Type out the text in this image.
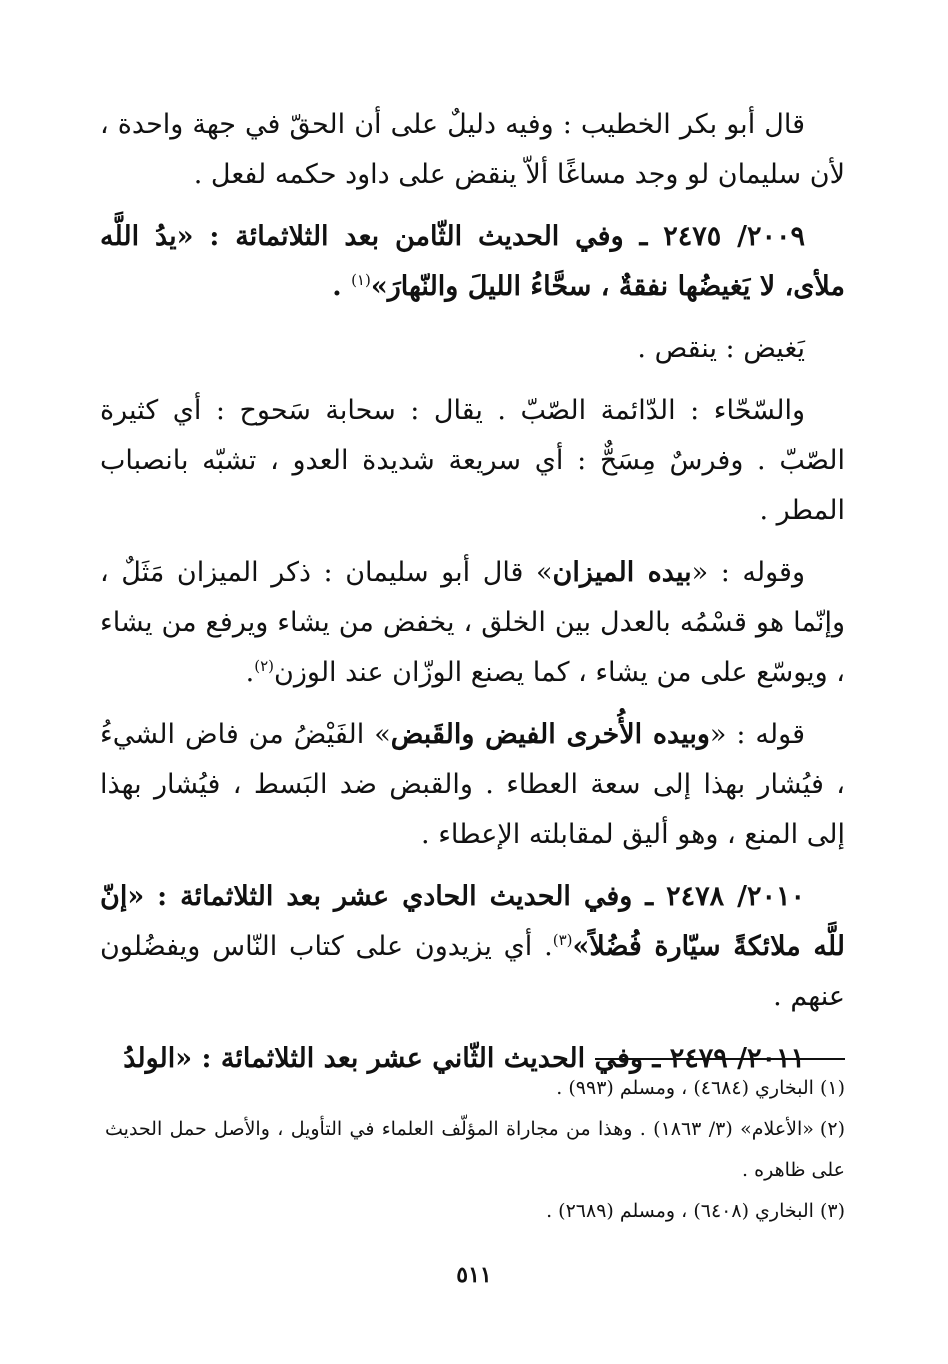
قال أبو بكر الخطيب : وفيه دليلٌ على أن الحقّ في جهة واحدة ، لأن سليمان لو وجد مساغًا ألاّ ينقض على داود حكمه لفعل .

٢٠٠٩/ ٢٤٧٥ ـ وفي الحديث الثّامن بعد الثلاثمائة : «يدُ اللَّه ملأى، لا يَغيضُها نفقةٌ ، سحَّاءُ الليلَ والنّهارَ»$^{(١)}$ .

يَغيض : ينقص .

والسّحّاء : الدّائمة الصّبّ . يقال : سحابة سَحوح : أي كثيرة الصّبّ . وفرسٌ مِسَحٌّ : أي سريعة شديدة العدو ، تشبّه بانصباب المطر .

وقوله : «بيده الميزان» قال أبو سليمان : ذكر الميزان مَثَلٌ ، وإنّما هو قسْمُه بالعدل بين الخلق ، يخفض من يشاء ويرفع من يشاء ، ويوسّع على من يشاء ، كما يصنع الوزّان عند الوزن$^{(٢)}$.

قوله : «وبيده الأُخرى الفيض والقَبض» الفَيْضُ من فاض الشيءُ ، فيُشار بهذا إلى سعة العطاء . والقبض ضد البَسط ، فيُشار بهذا إلى المنع ، وهو أليق لمقابلته الإعطاء .

٢٠١٠/ ٢٤٧٨ ـ وفي الحديث الحادي عشر بعد الثلاثمائة : «إنّ للَّه ملائكةً سيّارة فُضُلاً»$^{(٣)}$. أي يزيدون على كتاب النّاس ويفضُلون عنهم .

٢٠١١/ ٢٤٧٩ ـ وفي الحديث الثّاني عشر بعد الثلاثمائة : «الولدُ

(١)البخاري (٤٦٨٤) ، ومسلم (٩٩٣) .

(٢)«الأعلام» (٣/ ١٨٦٣) . وهذا من مجاراة المؤلّف العلماء في التأويل ، والأصل حمل الحديث على ظاهره .

(٣)البخاري (٦٤٠٨) ، ومسلم (٢٦٨٩) .

٥١١
